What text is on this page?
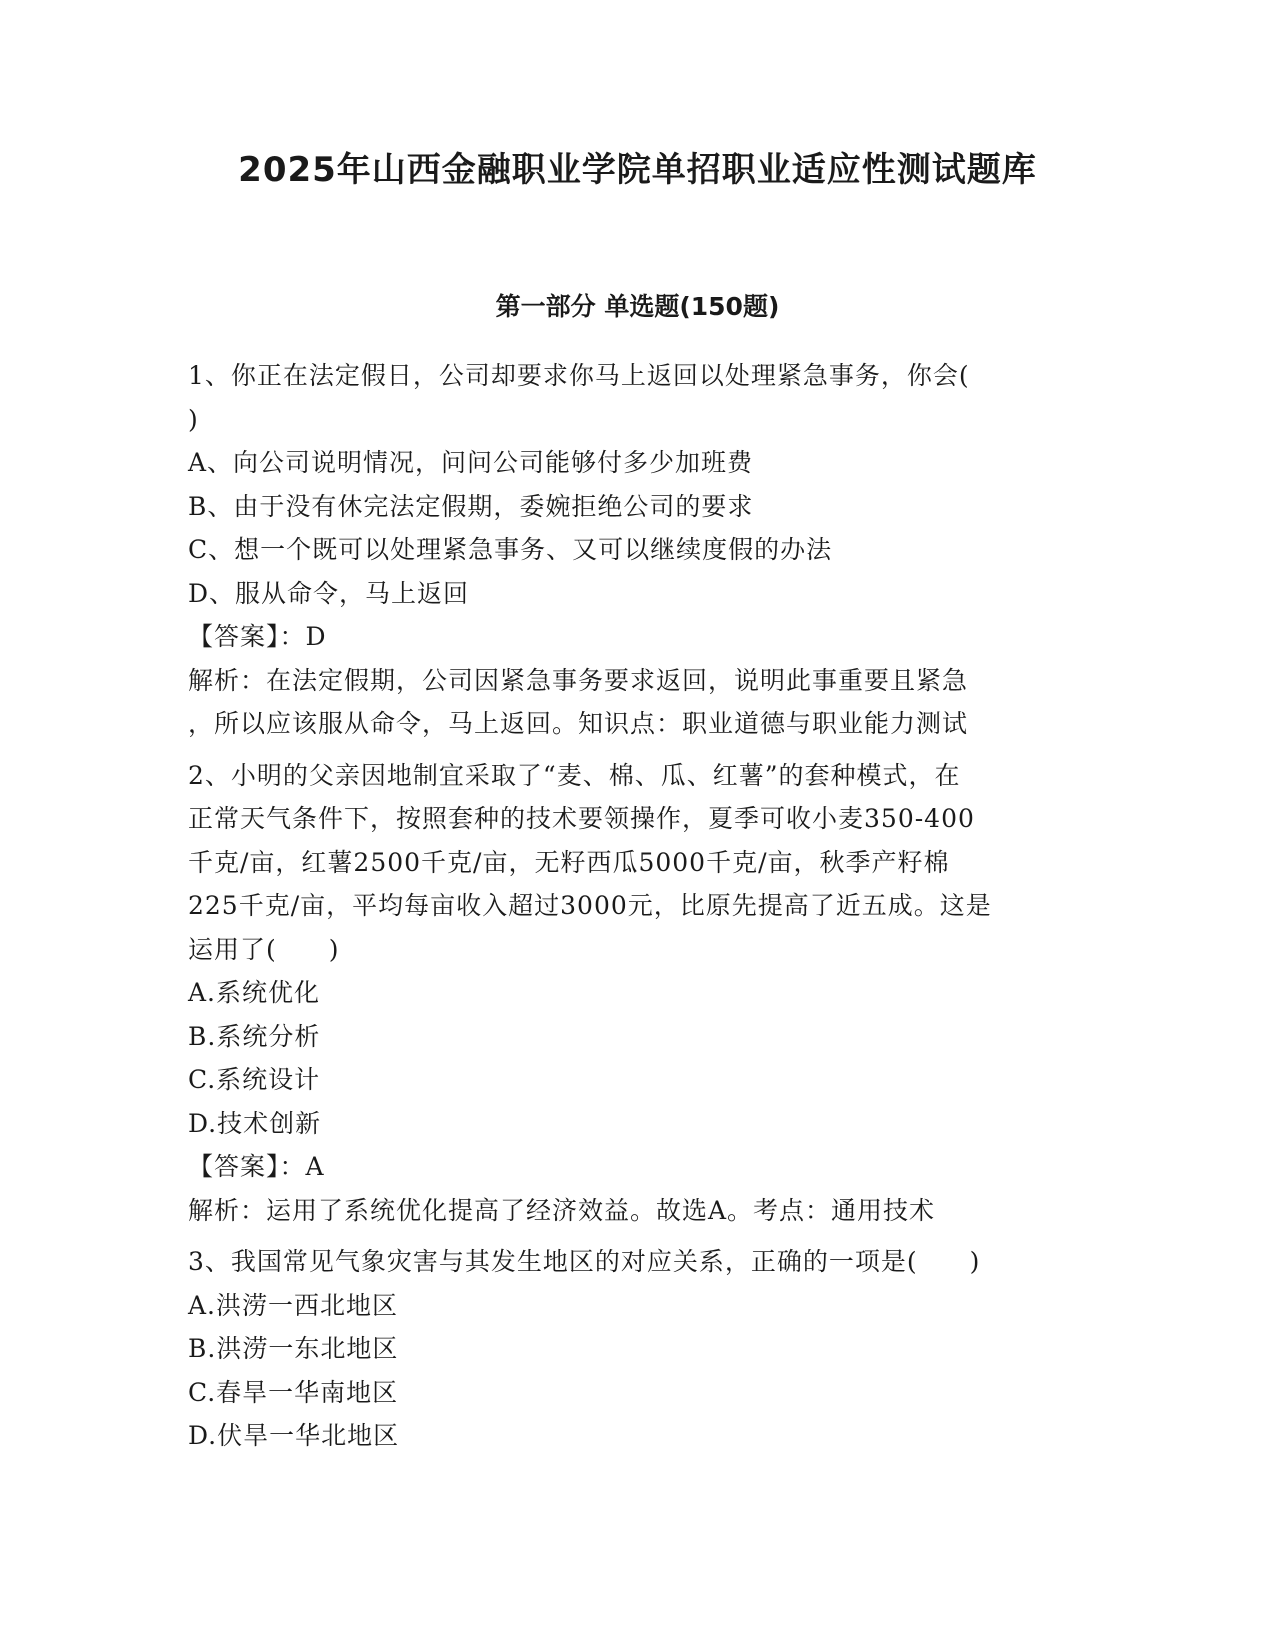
2025年山西金融职业学院单招职业适应性测试题库
第一部分 单选题(150题)

1、你正在法定假日，公司却要求你马上返回以处理紧急事务，你会(
)

A、向公司说明情况，问问公司能够付多少加班费

B、由于没有休完法定假期，委婉拒绝公司的要求

C、想一个既可以处理紧急事务、又可以继续度假的办法

D、服从命令，马上返回

【答案】：D

解析：在法定假期，公司因紧急事务要求返回，说明此事重要且紧急
，所以应该服从命令，马上返回。知识点：职业道德与职业能力测试

2、小明的父亲因地制宜采取了“麦、棉、瓜、红薯”的套种模式，在
正常天气条件下，按照套种的技术要领操作，夏季可收小麦350-400
千克/亩，红薯2500千克/亩，无籽西瓜5000千克/亩，秋季产籽棉
225千克/亩，平均每亩收入超过3000元，比原先提高了近五成。这是
运用了(　　)

A.系统优化

B.系统分析

C.系统设计

D.技术创新

【答案】：A

解析：运用了系统优化提高了经济效益。故选A。考点：通用技术

3、我国常见气象灾害与其发生地区的对应关系，正确的一项是(　　)

A.洪涝一西北地区

B.洪涝一东北地区

C.春旱一华南地区

D.伏旱一华北地区
